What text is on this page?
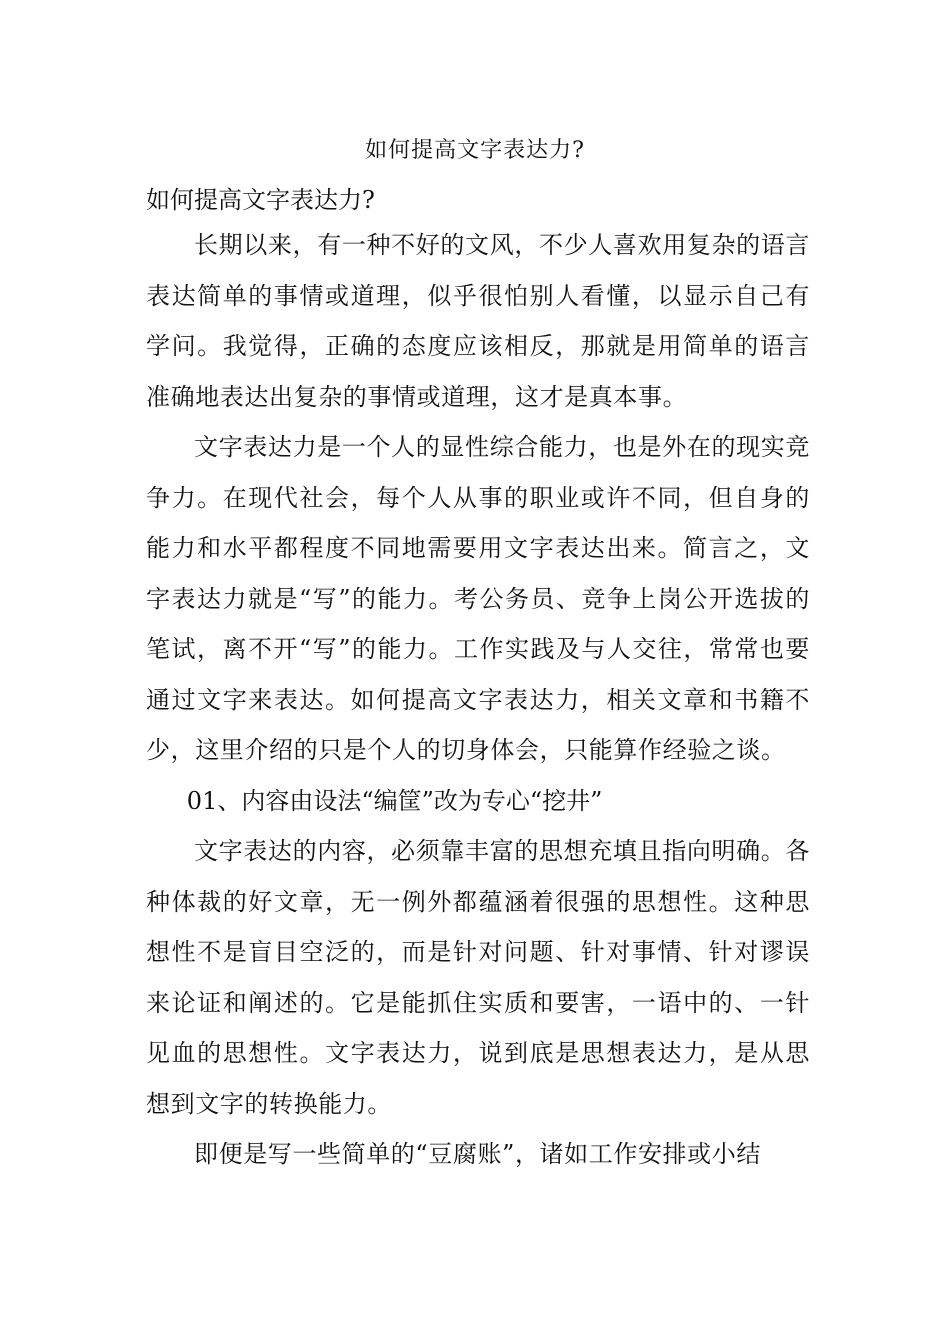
如何提高文字表达力?

如何提高文字表达力?

长期以来，有一种不好的文风，不少人喜欢用复杂的语言表达简单的事情或道理，似乎很怕别人看懂，以显示自己有学问。我觉得，正确的态度应该相反，那就是用简单的语言准确地表达出复杂的事情或道理，这才是真本事。

文字表达力是一个人的显性综合能力，也是外在的现实竞争力。在现代社会，每个人从事的职业或许不同，但自身的能力和水平都程度不同地需要用文字表达出来。简言之，文字表达力就是“写”的能力。考公务员、竞争上岗公开选拔的笔试，离不开“写”的能力。工作实践及与人交往，常常也要通过文字来表达。如何提高文字表达力，相关文章和书籍不少，这里介绍的只是个人的切身体会，只能算作经验之谈。

01、内容由设法“编筐”改为专心“挖井”

文字表达的内容，必须靠丰富的思想充填且指向明确。各种体裁的好文章，无一例外都蕴涵着很强的思想性。这种思想性不是盲目空泛的，而是针对问题、针对事情、针对谬误来论证和阐述的。它是能抓住实质和要害，一语中的、一针见血的思想性。文字表达力，说到底是思想表达力，是从思想到文字的转换能力。

即便是写一些简单的“豆腐账”，诸如工作安排或小结
